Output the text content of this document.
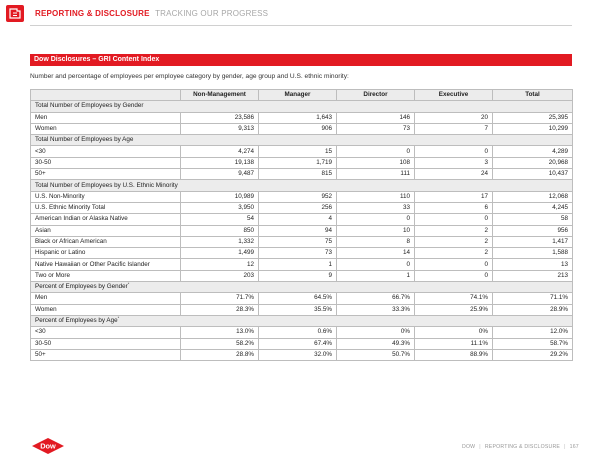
REPORTING & DISCLOSURE TRACKING OUR PROGRESS
Dow Disclosures – GRI Content Index
Number and percentage of employees per employee category by gender, age group and U.S. ethnic minority:
	Non-Management	Manager	Director	Executive	Total
Total Number of Employees by Gender					
Men	23,586	1,643	146	20	25,395
Women	9,313	906	73	7	10,299
Total Number of Employees by Age					
<30	4,274	15	0	0	4,289
30-50	19,138	1,719	108	3	20,968
50+	9,487	815	111	24	10,437
Total Number of Employees by U.S. Ethnic Minority					
U.S. Non-Minority	10,989	952	110	17	12,068
U.S. Ethnic Minority Total	3,950	256	33	6	4,245
American Indian or Alaska Native	54	4	0	0	58
Asian	850	94	10	2	956
Black or African American	1,332	75	8	2	1,417
Hispanic or Latino	1,499	73	14	2	1,588
Native Hawaiian or Other Pacific Islander	12	1	0	0	13
Two or More	203	9	1	0	213
Percent of Employees by Gender*
Men	71.7%	64.5%	66.7%	74.1%	71.1%
Women	28.3%	35.5%	33.3%	25.9%	28.9%
Percent of Employees by Age*
<30	13.0%	0.6%	0%	0%	12.0%
30-50	58.2%	67.4%	49.3%	11.1%	58.7%
50+	28.8%	32.0%	50.7%	88.9%	29.2%
Dow	DOW | REPORTING & DISCLOSURE | 167
